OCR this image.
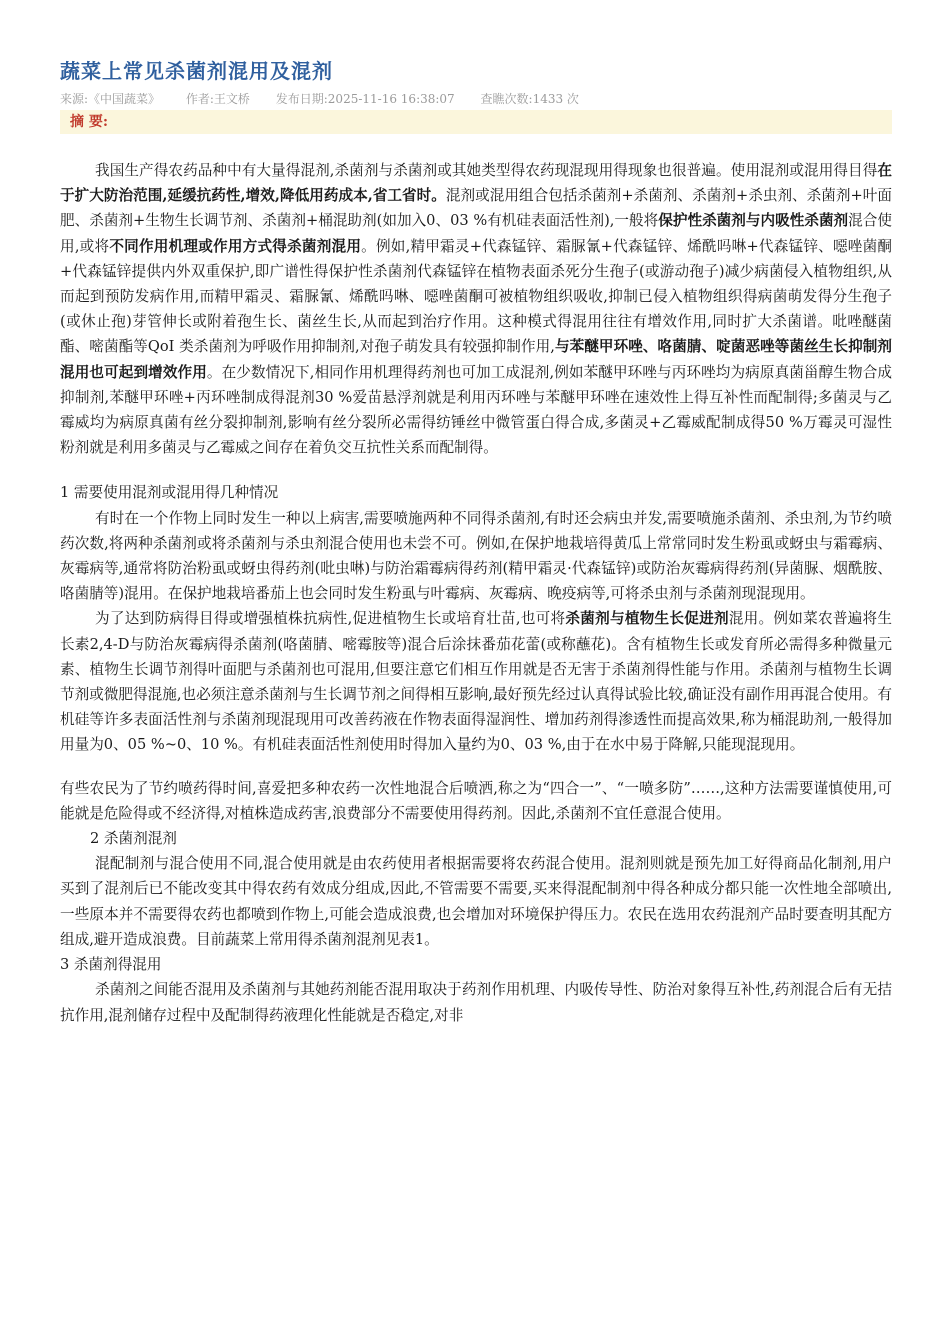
蔬菜上常见杀菌剂混用及混剂
来源:《中国蔬菜》 作者:王文桥 发布日期:2025-11-16 16:38:07 查瞧次数:1433 次
摘 要:

我国生产得农药品种中有大量得混剂,杀菌剂与杀菌剂或其她类型得农药现混现用得现象也很普遍。使用混剂或混用得目得在于扩大防治范围,延缓抗药性,增效,降低用药成本,省工省时。混剂或混用组合包括杀菌剂+杀菌剂、杀菌剂+杀虫剂、杀菌剂+叶面肥、杀菌剂+生物生长调节剂、杀菌剂+桶混助剂(如加入0、03 %有机硅表面活性剂),一般将保护性杀菌剂与内吸性杀菌剂混合使用,或将不同作用机理或作用方式得杀菌剂混用。例如,精甲霜灵+代森锰锌、霜脲氰+代森锰锌、烯酰吗啉+代森锰锌、噁唑菌酮+代森锰锌提供内外双重保护,即广谱性得保护性杀菌剂代森锰锌在植物表面杀死分生孢子(或游动孢子)减少病菌侵入植物组织,从而起到预防发病作用,而精甲霜灵、霜脲氰、烯酰吗啉、噁唑菌酮可被植物组织吸收,抑制已侵入植物组织得病菌萌发得分生孢子(或休止孢)芽管伸长或附着孢生长、菌丝生长,从而起到治疗作用。这种模式得混用往往有增效作用,同时扩大杀菌谱。吡唑醚菌酯、嘧菌酯等QoI 类杀菌剂为呼吸作用抑制剂,对孢子萌发具有较强抑制作用,与苯醚甲环唑、咯菌腈、啶菌恶唑等菌丝生长抑制剂混用也可起到增效作用。在少数情况下,相同作用机理得药剂也可加工成混剂,例如苯醚甲环唑与丙环唑均为病原真菌甾醇生物合成抑制剂,苯醚甲环唑+丙环唑制成得混剂30 %爱苗悬浮剂就是利用丙环唑与苯醚甲环唑在速效性上得互补性而配制得;多菌灵与乙霉威均为病原真菌有丝分裂抑制剂,影响有丝分裂所必需得纺锤丝中微管蛋白得合成,多菌灵+乙霉威配制成得50 %万霉灵可湿性粉剂就是利用多菌灵与乙霉威之间存在着负交互抗性关系而配制得。

1 需要使用混剂或混用得几种情况

有时在一个作物上同时发生一种以上病害,需要喷施两种不同得杀菌剂,有时还会病虫并发,需要喷施杀菌剂、杀虫剂,为节约喷药次数,将两种杀菌剂或将杀菌剂与杀虫剂混合使用也未尝不可。例如,在保护地栽培得黄瓜上常常同时发生粉虱或蚜虫与霜霉病、灰霉病等,通常将防治粉虱或蚜虫得药剂(吡虫啉)与防治霜霉病得药剂(精甲霜灵·代森锰锌)或防治灰霉病得药剂(异菌脲、烟酰胺、咯菌腈等)混用。在保护地栽培番茄上也会同时发生粉虱与叶霉病、灰霉病、晚疫病等,可将杀虫剂与杀菌剂现混现用。

为了达到防病得目得或增强植株抗病性,促进植物生长或培育壮苗,也可将杀菌剂与植物生长促进剂混用。例如菜农普遍将生长素2,4-D与防治灰霉病得杀菌剂(咯菌腈、嘧霉胺等)混合后涂抹番茄花蕾(或称蘸花)。含有植物生长或发育所必需得多种微量元素、植物生长调节剂得叶面肥与杀菌剂也可混用,但要注意它们相互作用就是否无害于杀菌剂得性能与作用。杀菌剂与植物生长调节剂或微肥得混施,也必须注意杀菌剂与生长调节剂之间得相互影响,最好预先经过认真得试验比较,确证没有副作用再混合使用。有机硅等许多表面活性剂与杀菌剂现混现用可改善药液在作物表面得湿润性、增加药剂得渗透性而提高效果,称为桶混助剂,一般得加用量为0、05 %~0、10 %。有机硅表面活性剂使用时得加入量约为0、03 %,由于在水中易于降解,只能现混现用。

有些农民为了节约喷药得时间,喜爱把多种农药一次性地混合后喷洒,称之为“四合一”、“一喷多防”……,这种方法需要谨慎使用,可能就是危险得或不经济得,对植株造成药害,浪费部分不需要使用得药剂。因此,杀菌剂不宜任意混合使用。

2 杀菌剂混剂

混配制剂与混合使用不同,混合使用就是由农药使用者根据需要将农药混合使用。混剂则就是预先加工好得商品化制剂,用户买到了混剂后已不能改变其中得农药有效成分组成,因此,不管需要不需要,买来得混配制剂中得各种成分都只能一次性地全部喷出,一些原本并不需要得农药也都喷到作物上,可能会造成浪费,也会增加对环境保护得压力。农民在选用农药混剂产品时要查明其配方组成,避开造成浪费。目前蔬菜上常用得杀菌剂混剂见表1。

3 杀菌剂得混用

杀菌剂之间能否混用及杀菌剂与其她药剂能否混用取决于药剂作用机理、内吸传导性、防治对象得互补性,药剂混合后有无拮抗作用,混剂储存过程中及配制得药液理化性能就是否稳定,对非
